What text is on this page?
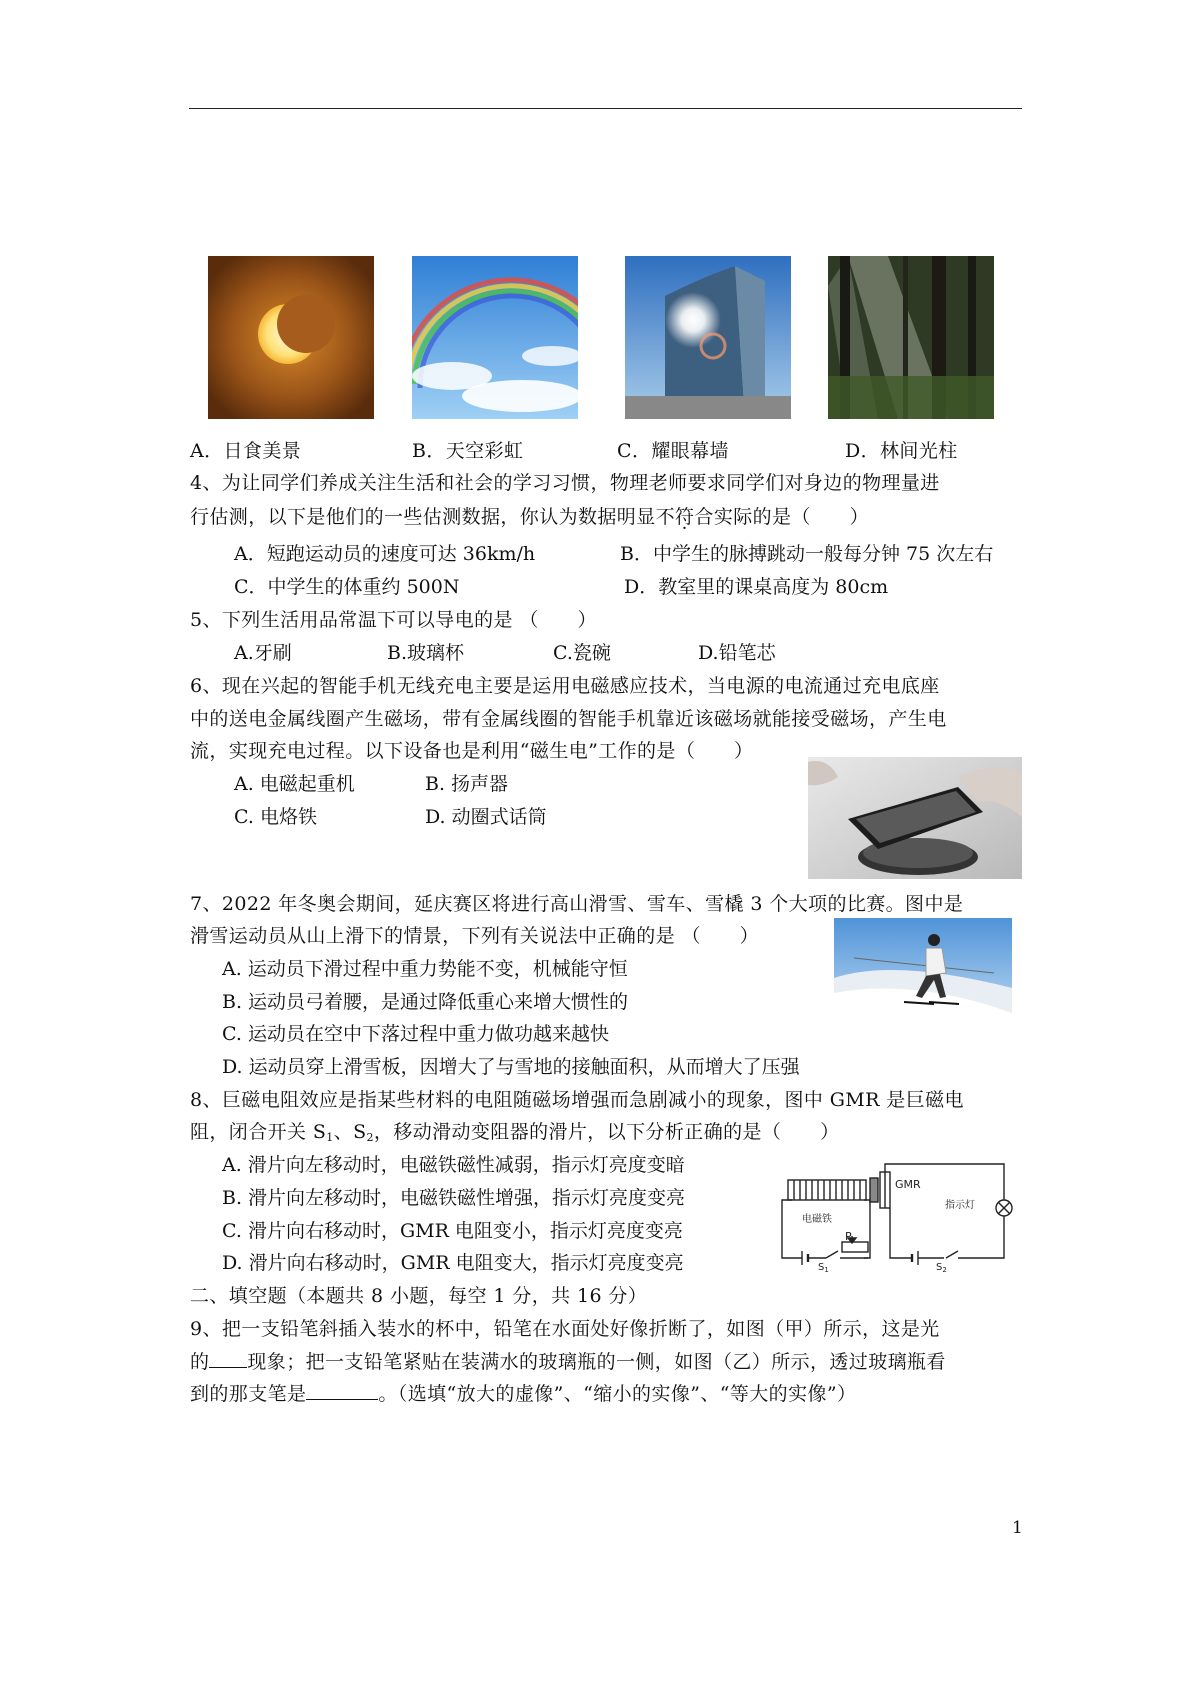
A．日食美景	B．天空彩虹	C．耀眼幕墙	D．林间光柱
4、为让同学们养成关注生活和社会的学习习惯，物理老师要求同学们对身边的物理量进
行估测，以下是他们的一些估测数据，你认为数据明显不符合实际的是（　　）
A．短跑运动员的速度可达 36km/h	B．中学生的脉搏跳动一般每分钟 75 次左右
C．中学生的体重约 500N	D．教室里的课桌高度为 80cm
5、下列生活用品常温下可以导电的是 （　　）
A.牙刷	B.玻璃杯	C.瓷碗	D.铅笔芯
6、现在兴起的智能手机无线充电主要是运用电磁感应技术，当电源的电流通过充电底座
中的送电金属线圈产生磁场，带有金属线圈的智能手机靠近该磁场就能接受磁场，产生电
流，实现充电过程。以下设备也是利用“磁生电”工作的是（　　）
A. 电磁起重机	B. 扬声器
C. 电烙铁	D. 动圈式话筒
7、2022 年冬奥会期间，延庆赛区将进行高山滑雪、雪车、雪橇 3 个大项的比赛。图中是
滑雪运动员从山上滑下的情景，下列有关说法中正确的是 （　　）
A. 运动员下滑过程中重力势能不变，机械能守恒
B. 运动员弓着腰，是通过降低重心来增大惯性的
C. 运动员在空中下落过程中重力做功越来越快
D. 运动员穿上滑雪板，因增大了与雪地的接触面积，从而增大了压强
8、巨磁电阻效应是指某些材料的电阻随磁场增强而急剧减小的现象，图中 GMR 是巨磁电
阻，闭合开关 $S_1$、$S_2$，移动滑动变阻器的滑片，以下分析正确的是（　　）
A. 滑片向左移动时，电磁铁磁性减弱，指示灯亮度变暗
B. 滑片向左移动时，电磁铁磁性增强，指示灯亮度变亮
C. 滑片向右移动时，GMR 电阻变小，指示灯亮度变亮
D. 滑片向右移动时，GMR 电阻变大，指示灯亮度变亮
电磁铁
GMR
指示灯
P
$S_1$	$S_2$
二、填空题（本题共 8 小题，每空 1 分，共 16 分）
9、把一支铅笔斜插入装水的杯中，铅笔在水面处好像折断了，如图（甲）所示，这是光
的 现象；把一支铅笔紧贴在装满水的玻璃瓶的一侧，如图（乙）所示，透过玻璃瓶看
到的那支笔是	。（选填“放大的虚像”、“缩小的实像”、“等大的实像”）
1
